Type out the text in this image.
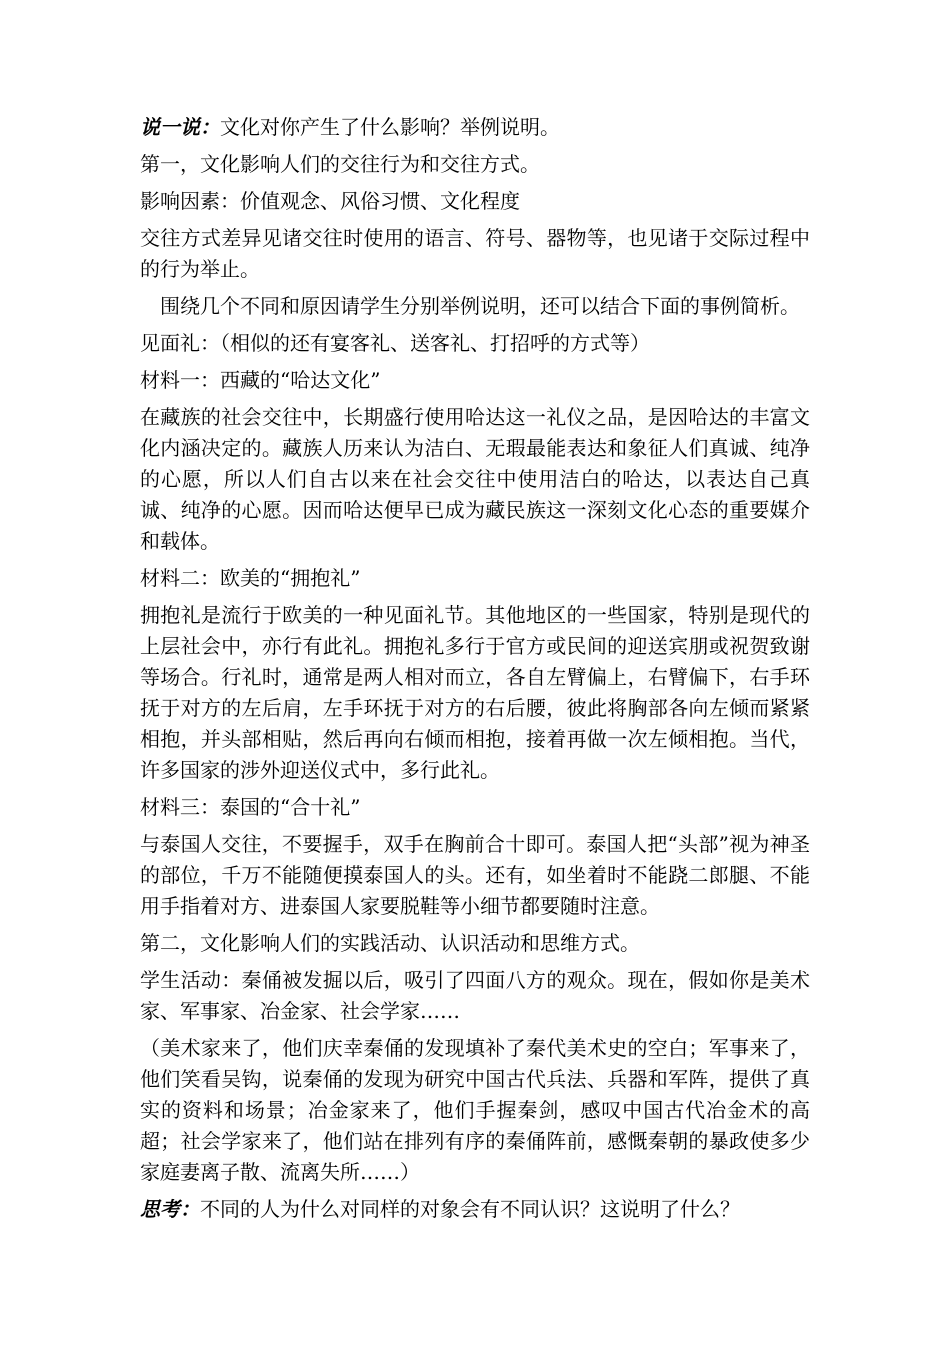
说一说：文化对你产生了什么影响？举例说明。
第一，文化影响人们的交往行为和交往方式。
影响因素：价值观念、风俗习惯、文化程度
交往方式差异见诸交往时使用的语言、符号、器物等，也见诸于交际过程中的行为举止。
围绕几个不同和原因请学生分别举例说明，还可以结合下面的事例简析。
见面礼：（相似的还有宴客礼、送客礼、打招呼的方式等）
材料一：西藏的“哈达文化”
在藏族的社会交往中，长期盛行使用哈达这一礼仪之品，是因哈达的丰富文化内涵决定的。藏族人历来认为洁白、无瑕最能表达和象征人们真诚、纯净的心愿，所以人们自古以来在社会交往中使用洁白的哈达，以表达自己真诚、纯净的心愿。因而哈达便早已成为藏民族这一深刻文化心态的重要媒介和载体。
材料二：欧美的“拥抱礼”
拥抱礼是流行于欧美的一种见面礼节。其他地区的一些国家，特别是现代的上层社会中，亦行有此礼。拥抱礼多行于官方或民间的迎送宾朋或祝贺致谢等场合。行礼时，通常是两人相对而立，各自左臂偏上，右臂偏下，右手环抚于对方的左后肩，左手环抚于对方的右后腰，彼此将胸部各向左倾而紧紧相抱，并头部相贴，然后再向右倾而相抱，接着再做一次左倾相抱。当代，许多国家的涉外迎送仪式中，多行此礼。
材料三：泰国的“合十礼”
与泰国人交往，不要握手，双手在胸前合十即可。泰国人把“头部”视为神圣的部位，千万不能随便摸泰国人的头。还有，如坐着时不能跷二郎腿、不能用手指着对方、进泰国人家要脱鞋等小细节都要随时注意。
第二，文化影响人们的实践活动、认识活动和思维方式。
学生活动：秦俑被发掘以后，吸引了四面八方的观众。现在，假如你是美术家、军事家、冶金家、社会学家……
（美术家来了，他们庆幸秦俑的发现填补了秦代美术史的空白；军事来了，他们笑看吴钩，说秦俑的发现为研究中国古代兵法、兵器和军阵，提供了真实的资料和场景；冶金家来了，他们手握秦剑，感叹中国古代冶金术的高超；社会学家来了，他们站在排列有序的秦俑阵前，感慨秦朝的暴政使多少家庭妻离子散、流离失所……）
思考：不同的人为什么对同样的对象会有不同认识？这说明了什么？
